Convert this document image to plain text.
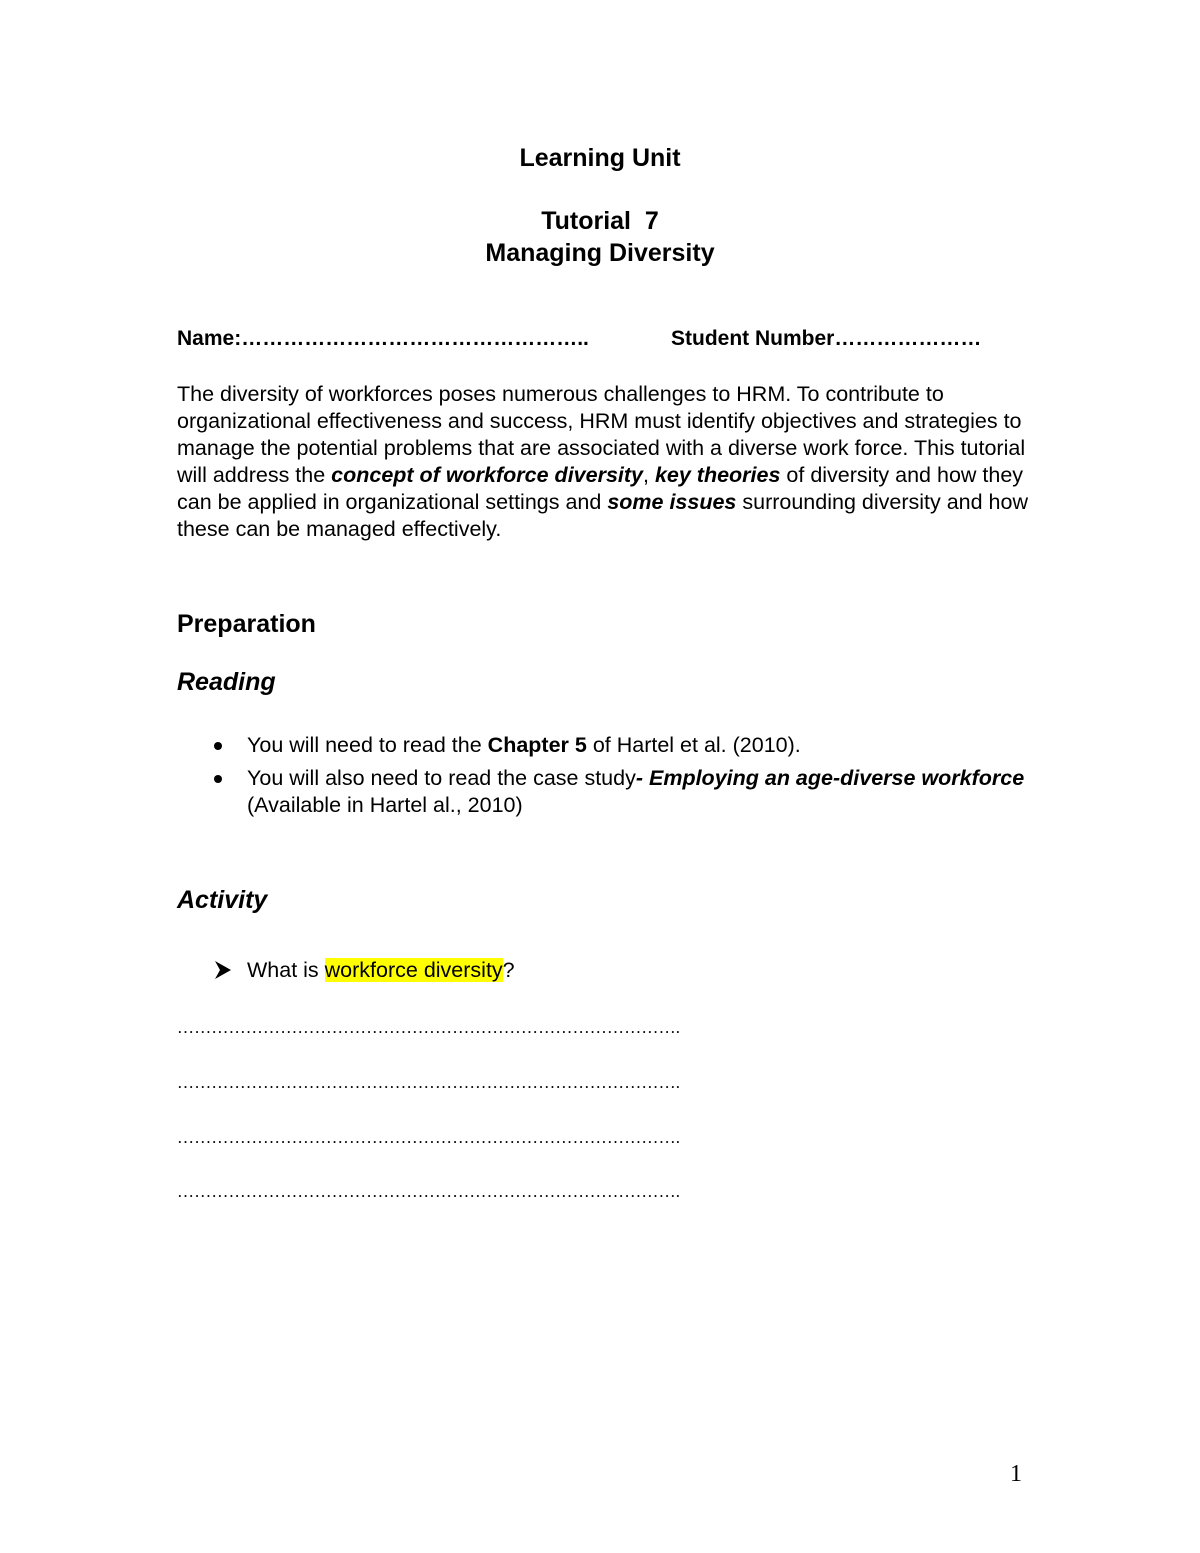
Learning Unit
Tutorial  7
Managing Diversity
Name:…………………………………………..	Student Number…………………

The diversity of workforces poses numerous challenges to HRM. To contribute to organizational effectiveness and success, HRM must identify objectives and strategies to manage the potential problems that are associated with a diverse work force. This tutorial will address the concept of workforce diversity, key theories of diversity and how they can be applied in organizational settings and some issues surrounding diversity and how these can be managed effectively.

Preparation
Reading
You will need to read the Chapter 5 of Hartel et al. (2010).
You will also need to read the case study- Employing an age-diverse workforce (Available in Hartel al., 2010)
Activity
What is workforce diversity?
…………………………………………………………………………….
…………………………………………………………………………….
…………………………………………………………………………….
…………………………………………………………………………….
1
